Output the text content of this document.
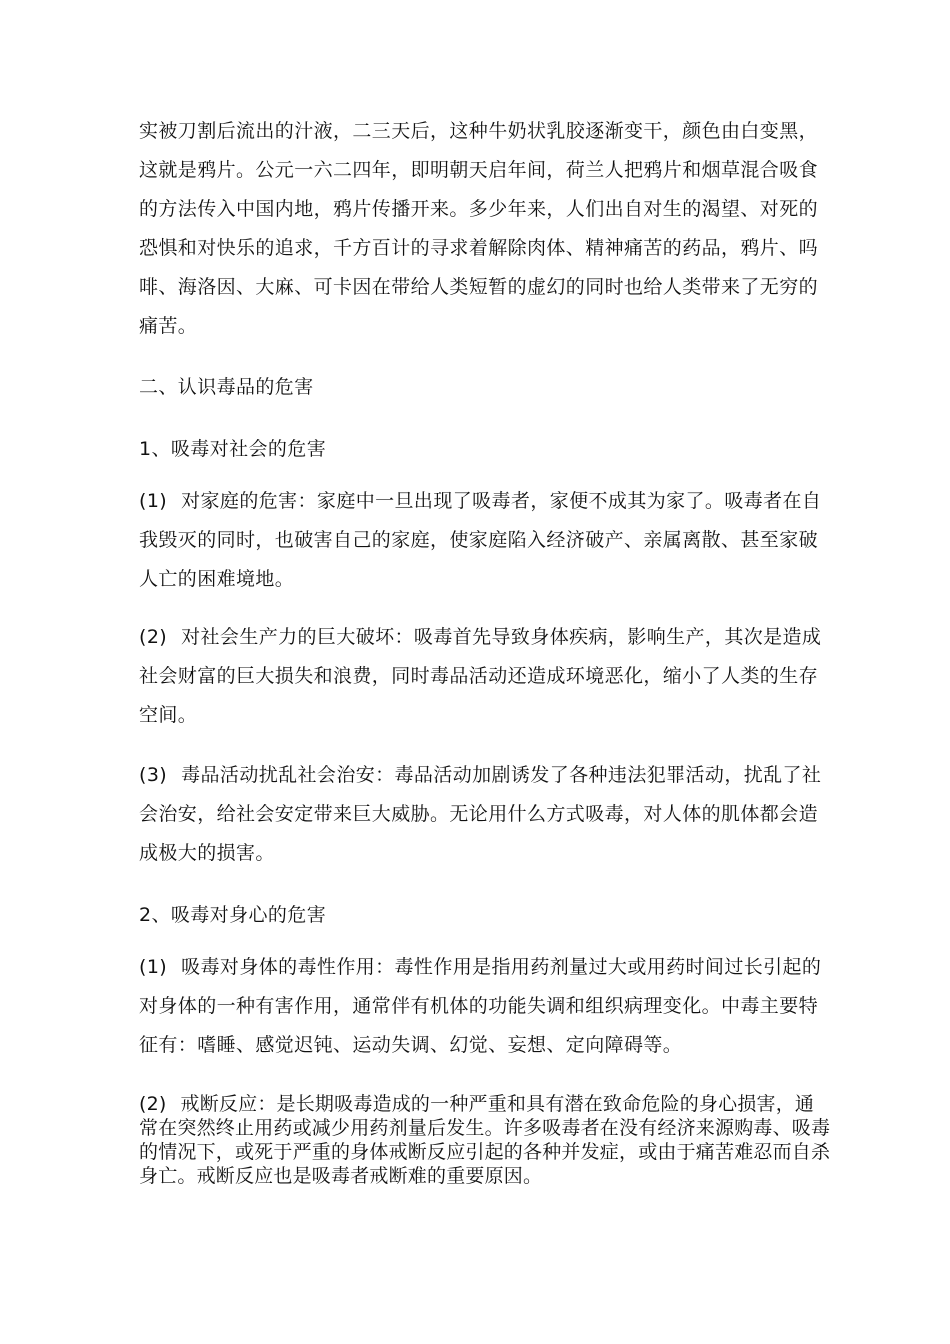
实被刀割后流出的汁液，二三天后，这种牛奶状乳胶逐渐变干，颜色由白变黑，这就是鸦片。公元一六二四年，即明朝天启年间，荷兰人把鸦片和烟草混合吸食的方法传入中国内地，鸦片传播开来。多少年来，人们出自对生的渴望、对死的恐惧和对快乐的追求，千方百计的寻求着解除肉体、精神痛苦的药品，鸦片、吗啡、海洛因、大麻、可卡因在带给人类短暂的虚幻的同时也给人类带来了无穷的痛苦。

二、认识毒品的危害

1、吸毒对社会的危害

(1) 对家庭的危害：家庭中一旦出现了吸毒者，家便不成其为家了。吸毒者在自我毁灭的同时，也破害自己的家庭，使家庭陷入经济破产、亲属离散、甚至家破人亡的困难境地。

(2) 对社会生产力的巨大破坏：吸毒首先导致身体疾病，影响生产，其次是造成社会财富的巨大损失和浪费，同时毒品活动还造成环境恶化，缩小了人类的生存空间。

(3) 毒品活动扰乱社会治安：毒品活动加剧诱发了各种违法犯罪活动，扰乱了社会治安，给社会安定带来巨大威胁。无论用什么方式吸毒，对人体的肌体都会造成极大的损害。

2、吸毒对身心的危害

(1) 吸毒对身体的毒性作用：毒性作用是指用药剂量过大或用药时间过长引起的对身体的一种有害作用，通常伴有机体的功能失调和组织病理变化。中毒主要特征有：嗜睡、感觉迟钝、运动失调、幻觉、妄想、定向障碍等。

(2) 戒断反应：是长期吸毒造成的一种严重和具有潜在致命危险的身心损害，通常在突然终止用药或减少用药剂量后发生。许多吸毒者在没有经济来源购毒、吸毒的情况下，或死于严重的身体戒断反应引起的各种并发症，或由于痛苦难忍而自杀身亡。戒断反应也是吸毒者戒断难的重要原因。
